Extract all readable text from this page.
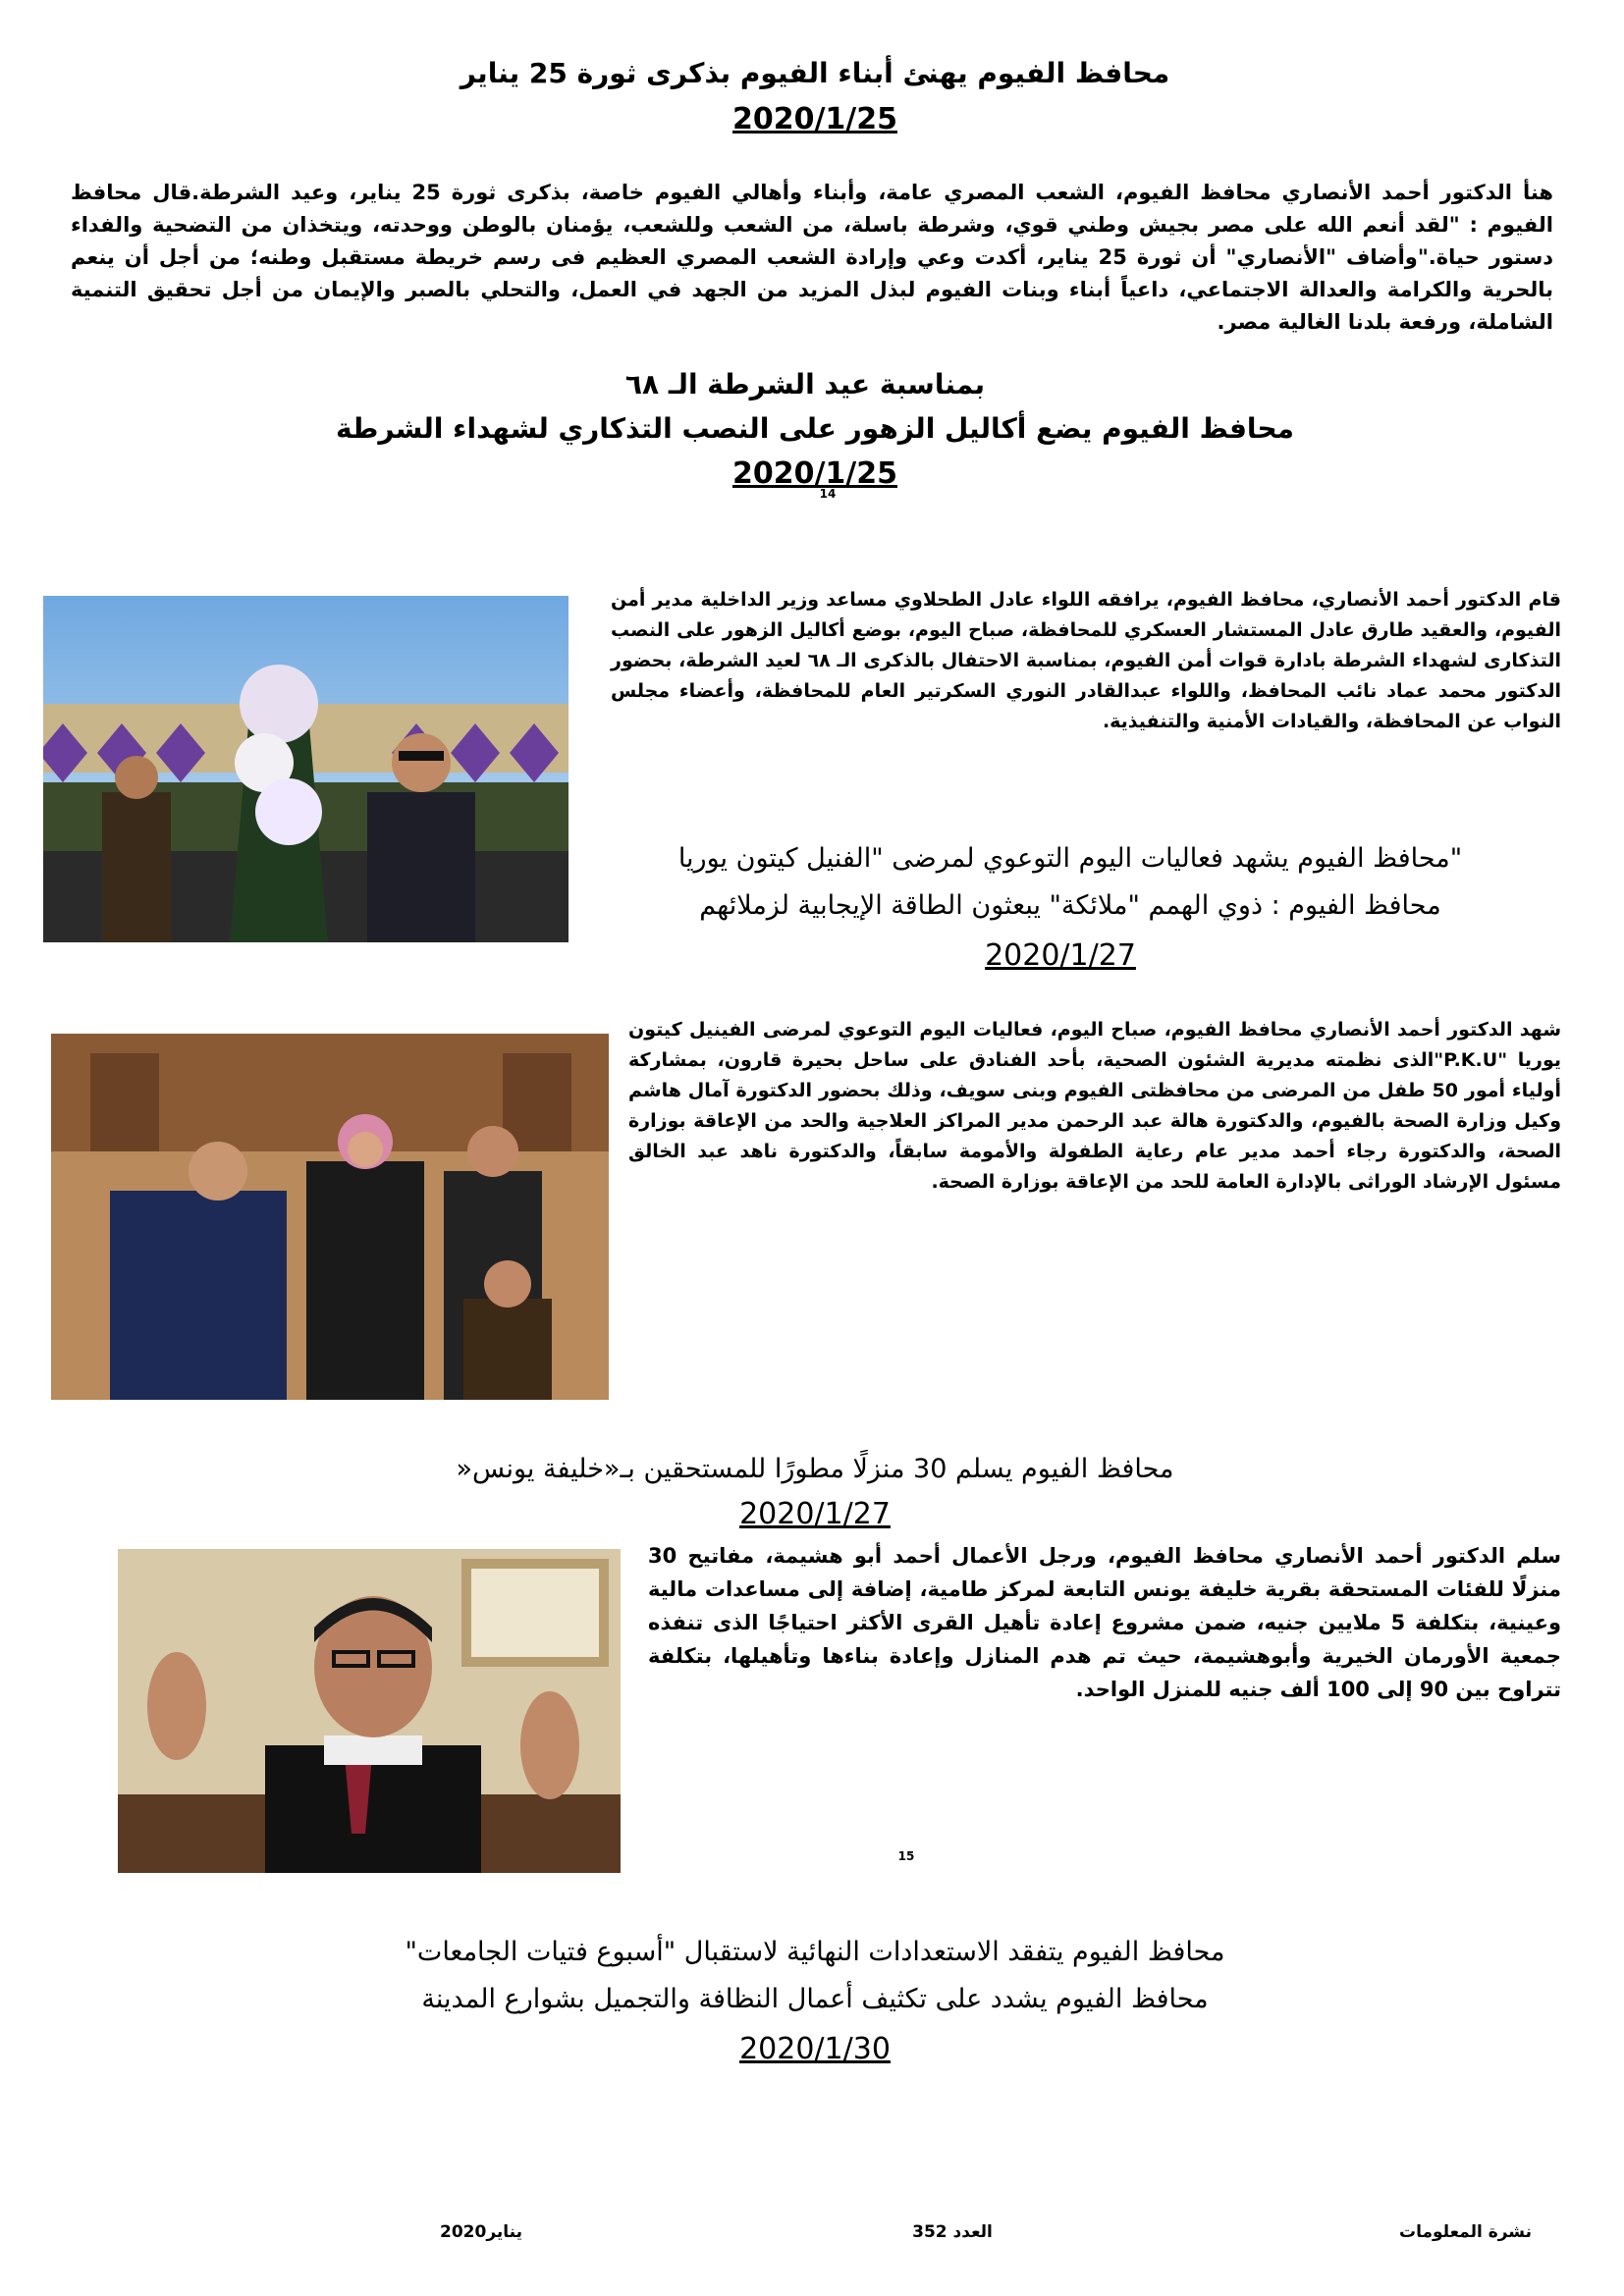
محافظ الفيوم يهنئ أبناء الفيوم بذكرى ثورة 25 يناير
2020/1/25
هنأ الدكتور أحمد الأنصاري محافظ الفيوم، الشعب المصري عامة، وأبناء وأهالي الفيوم خاصة، بذكرى ثورة 25 يناير، وعيد الشرطة.قال محافظ الفيوم : "لقد أنعم الله على مصر بجيش وطني قوي، وشرطة باسلة، من الشعب وللشعب، يؤمنان بالوطن ووحدته، ويتخذان من التضحية والفداء دستور حياة."وأضاف "الأنصاري" أن ثورة 25 يناير، أكدت وعي وإرادة الشعب المصري العظيم فى رسم خريطة مستقبل وطنه؛ من أجل أن ينعم بالحرية والكرامة والعدالة الاجتماعي، داعياً أبناء وبنات الفيوم لبذل المزيد من الجهد في العمل، والتحلي بالصبر والإيمان من أجل تحقيق التنمية الشاملة، ورفعة بلدنا الغالية مصر.
بمناسبة عيد الشرطة الـ ٦٨
محافظ الفيوم يضع أكاليل الزهور على النصب التذكاري لشهداء الشرطة
2020/1/25
14
قام الدكتور أحمد الأنصاري، محافظ الفيوم، يرافقه اللواء عادل الطحلاوي مساعد وزير الداخلية مدير أمن الفيوم، والعقيد طارق عادل المستشار العسكري للمحافظة، صباح اليوم، بوضع أكاليل الزهور على النصب التذكارى لشهداء الشرطة بادارة قوات أمن الفيوم، بمناسبة الاحتفال بالذكرى الـ ٦٨ لعيد الشرطة، بحضور الدكتور محمد عماد نائب المحافظ، واللواء عبدالقادر النوري السكرتير العام للمحافظة، وأعضاء مجلس النواب عن المحافظة، والقيادات الأمنية والتنفيذية.
"محافظ الفيوم يشهد فعاليات اليوم التوعوي لمرضى "الفنيل كيتون يوريا
محافظ الفيوم : ذوي الهمم "ملائكة" يبعثون الطاقة الإيجابية لزملائهم
2020/1/27
شهد الدكتور أحمد الأنصاري محافظ الفيوم، صباح اليوم، فعاليات اليوم التوعوي لمرضى الفينيل كيتون يوريا "P.K.U"الذى نظمته مديرية الشئون الصحية، بأحد الفنادق على ساحل بحيرة قارون، بمشاركة أولياء أمور 50 طفل من المرضى من محافظتى الفيوم وبنى سويف، وذلك بحضور الدكتورة آمال هاشم وكيل وزارة الصحة بالفيوم، والدكتورة هالة عبد الرحمن مدير المراكز العلاجية والحد من الإعاقة بوزارة الصحة، والدكتورة رجاء أحمد مدير عام رعاية الطفولة والأمومة سابقاً، والدكتورة ناهد عبد الخالق مسئول الإرشاد الوراثى بالإدارة العامة للحد من الإعاقة بوزارة الصحة.
محافظ الفيوم يسلم 30 منزلًا مطورًا للمستحقين بـ«خليفة يونس«
2020/1/27
سلم الدكتور أحمد الأنصاري محافظ الفيوم، ورجل الأعمال أحمد أبو هشيمة، مفاتيح 30 منزلًا للفئات المستحقة بقرية خليفة يونس التابعة لمركز طامية، إضافة إلى مساعدات مالية وعينية، بتكلفة 5 ملايين جنيه، ضمن مشروع إعادة تأهيل القرى الأكثر احتياجًا الذى تنفذه جمعية الأورمان الخيرية وأبوهشيمة، حيث تم هدم المنازل وإعادة بناءها وتأهيلها، بتكلفة تتراوح بين 90 إلى 100 ألف جنيه للمنزل الواحد.
15
محافظ الفيوم يتفقد الاستعدادات النهائية لاستقبال "أسبوع فتيات الجامعات"
محافظ الفيوم يشدد على تكثيف أعمال النظافة والتجميل بشوارع المدينة
2020/1/30
نشرة المعلومات
العدد 352
يناير2020
